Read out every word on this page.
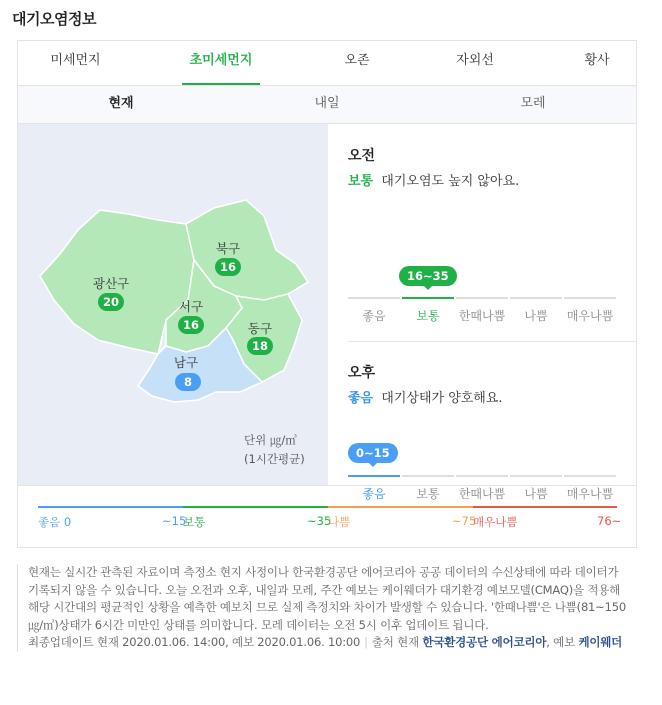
대기오염정보
미세먼지	초미세먼지	오존	자외선	황사
현재	내일	모레
광산구
20
북구
16
서구
16	동구
18
남구
8
단위 ㎍/㎥
(1시간평균)
오전
보통 대기오염도 높지 않아요.
16~35
좋음	보통	한때나쁨	나쁨	매우나쁨
오후
좋음 대기상태가 양호해요.
0~15
좋음	보통	한때나쁨	나쁨	매우나쁨
좋음 0	~15
보통	~35
나쁨	~75
매우나쁨	76~
현재는 실시간 관측된 자료이며 측정소 현지 사정이나 한국환경공단 에어코리아 공공 데이터의 수신상태에 따라 데이터가 기록되지 않을 수 있습니다. 오늘 오전과 오후, 내일과 모레, 주간 예보는 케이웨더가 대기환경 예보모델(CMAQ)을 적용해 해당 시간대의 평균적인 상황을 예측한 예보치 므로 실제 측정치와 차이가 발생할 수 있습니다. '한때나쁨'은 나쁨(81~150㎍/㎥)상태가 6시간 미만인 상태를 의미합니다. 모레 데이터는 오전 5시 이후 업데이트 됩니다.
최종업데이트 현재 2020.01.06. 14:00, 예보 2020.01.06. 10:00 | 출처 현재 한국환경공단 에어코리아, 예보 케이웨더
